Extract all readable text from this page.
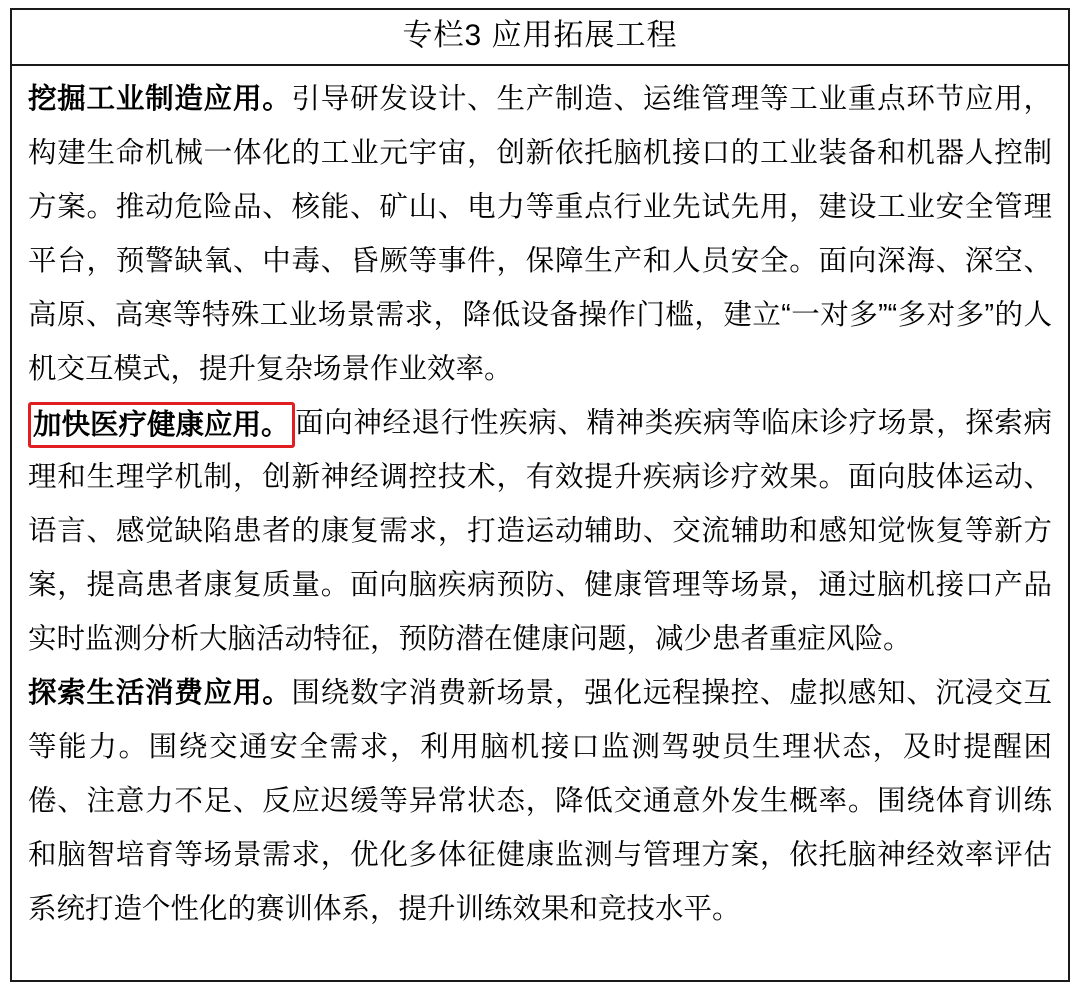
专栏3 应用拓展工程

挖掘工业制造应用。引导研发设计、生产制造、运维管理等工业重点环节应用，构建生命机械一体化的工业元宇宙，创新依托脑机接口的工业装备和机器人控制方案。推动危险品、核能、矿山、电力等重点行业先试先用，建设工业安全管理平台，预警缺氧、中毒、昏厥等事件，保障生产和人员安全。面向深海、深空、高原、高寒等特殊工业场景需求，降低设备操作门槛，建立“一对多”“多对多”的人机交互模式，提升复杂场景作业效率。

加快医疗健康应用。 面向神经退行性疾病、精神类疾病等临床诊疗场景，探索病理和生理学机制，创新神经调控技术，有效提升疾病诊疗效果。面向肢体运动、语言、感觉缺陷患者的康复需求，打造运动辅助、交流辅助和感知觉恢复等新方案，提高患者康复质量。面向脑疾病预防、健康管理等场景，通过脑机接口产品实时监测分析大脑活动特征，预防潜在健康问题，减少患者重症风险。

探索生活消费应用。围绕数字消费新场景，强化远程操控、虚拟感知、沉浸交互等能力。围绕交通安全需求，利用脑机接口监测驾驶员生理状态，及时提醒困倦、注意力不足、反应迟缓等异常状态，降低交通意外发生概率。围绕体育训练和脑智培育等场景需求，优化多体征健康监测与管理方案，依托脑神经效率评估系统打造个性化的赛训体系，提升训练效果和竞技水平。
